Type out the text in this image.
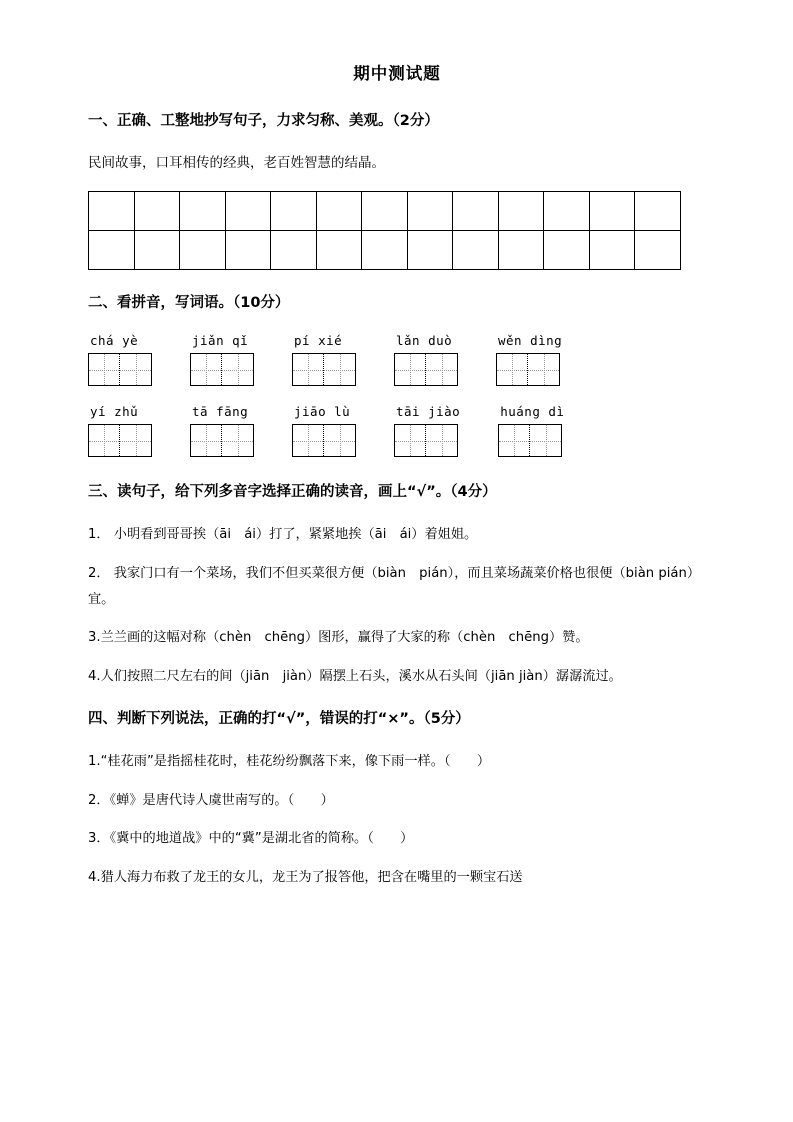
期中测试题
一、正确、工整地抄写句子，力求匀称、美观。（2分）
民间故事，口耳相传的经典，老百姓智慧的结晶。

二、看拼音，写词语。（10分）
chá yè	jiǎn qǐ	pí xié	lǎn duò	wěn dìng
yí zhǔ	tā fāng	jiāo lù	tāi jiào	huáng dì
三、读句子，给下列多音字选择正确的读音，画上“√”。（4分）
1． 小明看到哥哥挨（āi　ái）打了，紧紧地挨（āi　ái）着姐姐。
2． 我家门口有一个菜场，我们不但买菜很方便（biàn　pián），而且菜场蔬菜价格也很便（biàn pián）宜。
3.兰兰画的这幅对称（chèn　chēng）图形，赢得了大家的称（chèn　chēng）赞。
4.人们按照二尺左右的间（jiān　jiàn）隔摆上石头，溪水从石头间（jiān jiàn）潺潺流过。
四、判断下列说法，正确的打“√”，错误的打“×”。（5分）
1.“桂花雨”是指摇桂花时，桂花纷纷飘落下来，像下雨一样。（　　）
2．《蝉》是唐代诗人虞世南写的。（　　）
3．《冀中的地道战》中的“冀”是湖北省的简称。（　　）
4.猎人海力布救了龙王的女儿，龙王为了报答他，把含在嘴里的一颗宝石送
